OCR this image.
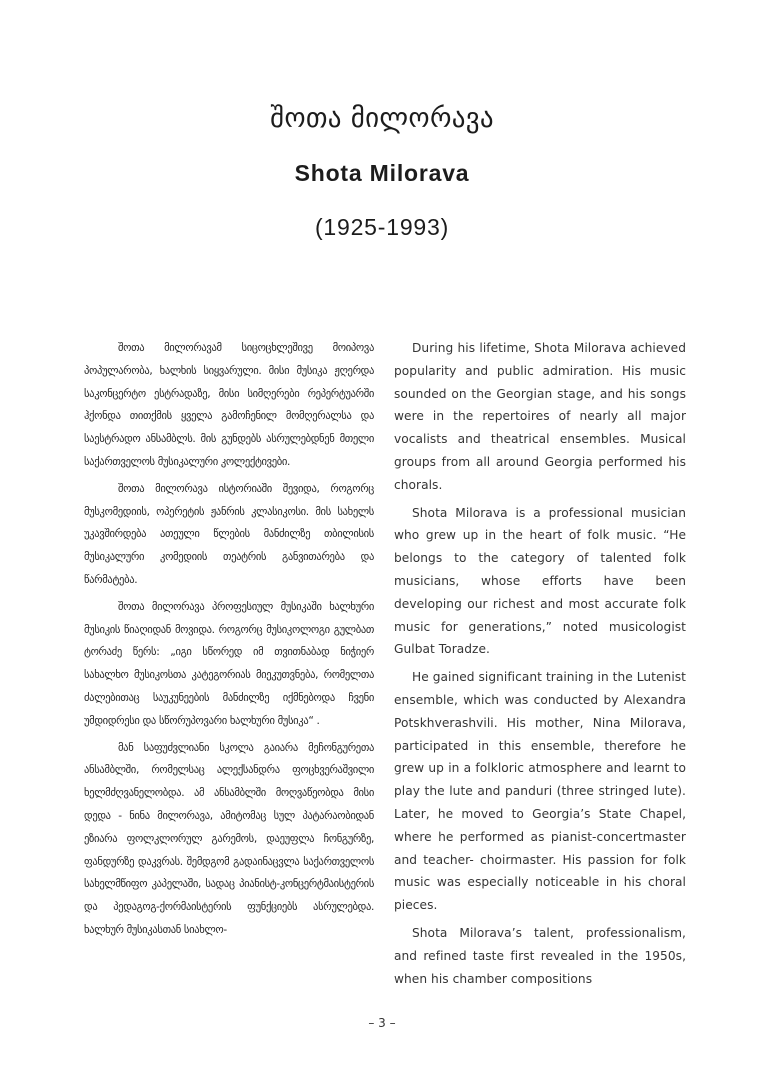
შოთა მილორავა
Shota Milorava
(1925-1993)

შოთა მილორავამ სიცოცხლეშივე მოიპოვა პოპულარობა, ხალხის სიყვარული. მისი მუსიკა ჟღერდა საკონცერტო ესტრადაზე, მისი სიმღერები რეპერტუარში ჰქონდა თითქმის ყველა გამოჩენილ მომღერალსა და საესტრადო ანსამბლს. მის გუნდებს ასრულებდნენ მთელი საქართველოს მუსიკალური კოლექტივები.

შოთა მილორავა ისტორიაში შევიდა, როგორც მუსკომედიის, ოპერეტის ჟანრის კლასიკოსი. მის სახელს უკავშირდება ათეული წლების მანძილზე თბილისის მუსიკალური კომედიის თეატრის განვითარება და წარმატება.

შოთა მილორავა პროფესიულ მუსიკაში ხალხური მუსიკის წიაღიდან მოვიდა. როგორც მუსიკოლოგი გულბათ ტორაძე წერს: „იგი სწორედ იმ თვითნაბად ნიჭიერ სახალხო მუსიკოსთა კატეგორიას მიეკუთვნება, რომელთა ძალებითაც საუკუნეების მანძილზე იქმნებოდა ჩვენი უმდიდრესი და სწორუპოვარი ხალხური მუსიკა“ .

მან საფუძვლიანი სკოლა გაიარა მეჩონგურეთა ანსამბლში, რომელსაც ალექსანდრა ფოცხვერაშვილი ხელმძღვანელობდა. ამ ანსამბლში მოღვაწეობდა მისი დედა - ნინა მილორავა, ამიტომაც სულ პატარაობიდან ეზიარა ფოლკლორულ გარემოს, დაეუფლა ჩონგურზე, ფანდურზე დაკვრას. შემდგომ გადაინაცვლა საქართველოს სახელმწიფო კაპელაში, სადაც პიანისტ-კონცერტმაისტერის და პედაგოგ-ქორმაისტერის ფუნქციებს ასრულებდა. ხალხურ მუსიკასთან სიახლო-

During his lifetime, Shota Milorava achieved popularity and public admiration. His music sounded on the Georgian stage, and his songs were in the repertoires of nearly all major vocalists and theatrical ensembles. Musical groups from all around Georgia performed his chorals.

Shota Milorava is a professional musician who grew up in the heart of folk music. “He belongs to the category of talented folk musicians, whose efforts have been developing our richest and most accurate folk music for generations,” noted musicologist Gulbat Toradze.

He gained significant training in the Lutenist ensemble, which was conducted by Alexandra Potskhverashvili. His mother, Nina Milorava, participated in this ensemble, therefore he grew up in a folkloric atmosphere and learnt to play the lute and panduri (three stringed lute). Later, he moved to Georgia’s State Chapel, where he performed as pianist-concertmaster and teacher- choirmaster. His passion for folk music was especially noticeable in his choral pieces.

Shota Milorava’s talent, professionalism, and refined taste first revealed in the 1950s, when his chamber compositions

– 3 –
